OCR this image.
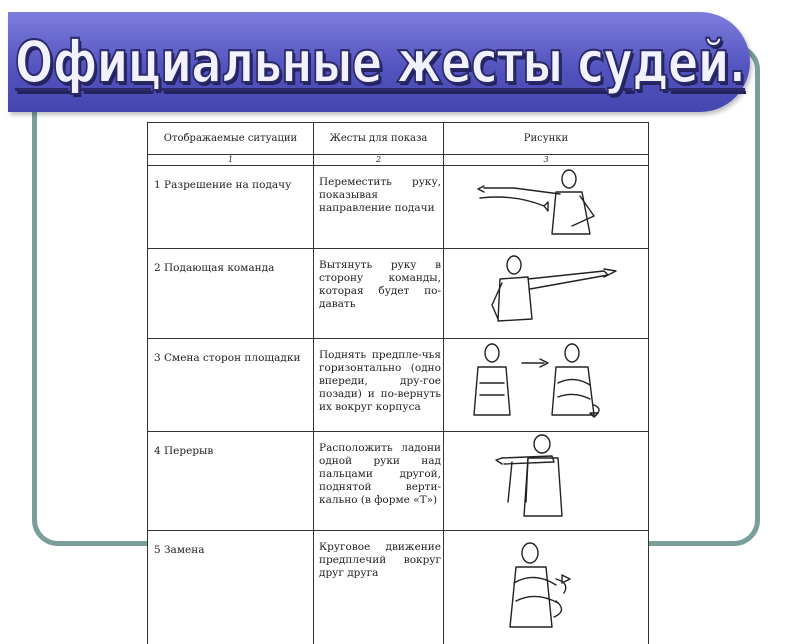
Официальные жесты судей.
Отображаемые ситуации	Жесты для показа	Рисунки
1	2	3
1 Разрешение на подачу	Переместить руку, показывая направление подачи	

2 Подающая команда	Вытянуть руку в сторону команды, которая будет по-давать	

3 Смена сторон площадки	Поднять предпле-чья горизонтально (одно впереди, дру-гое позади) и по-вернуть их вокруг корпуса	

4 Перерыв	Расположить ладони одной руки над пальцами другой, поднятой верти-кально (в форме «Т»)	

5 Замена	Круговое движение предплечий вокруг друг друга	
